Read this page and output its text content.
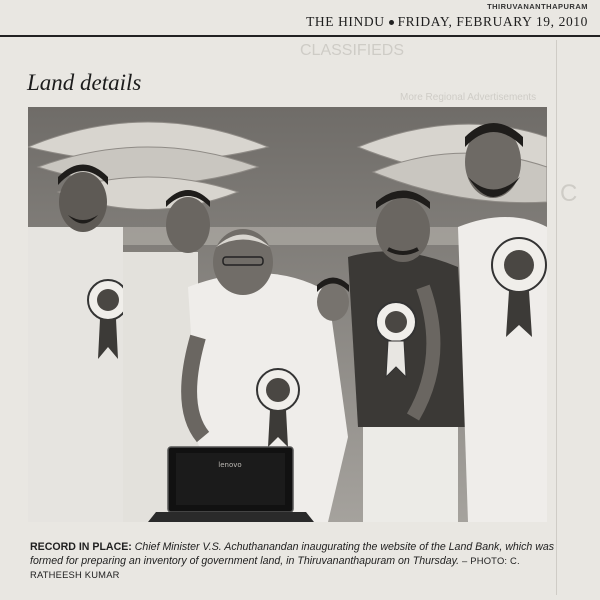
CLASSIFIEDS
More Regional Advertisements
C
THIRUVANANTHAPURAM
THE HINDU FRIDAY, FEBRUARY 19, 2010
Land details
lenovo
RECORD IN PLACE: Chief Minister V.S. Achuthanandan inaugurating the website of the Land Bank, which was formed for preparing an inventory of government land, in Thiruvananthapuram on Thursday. – PHOTO: C. RATHEESH KUMAR
